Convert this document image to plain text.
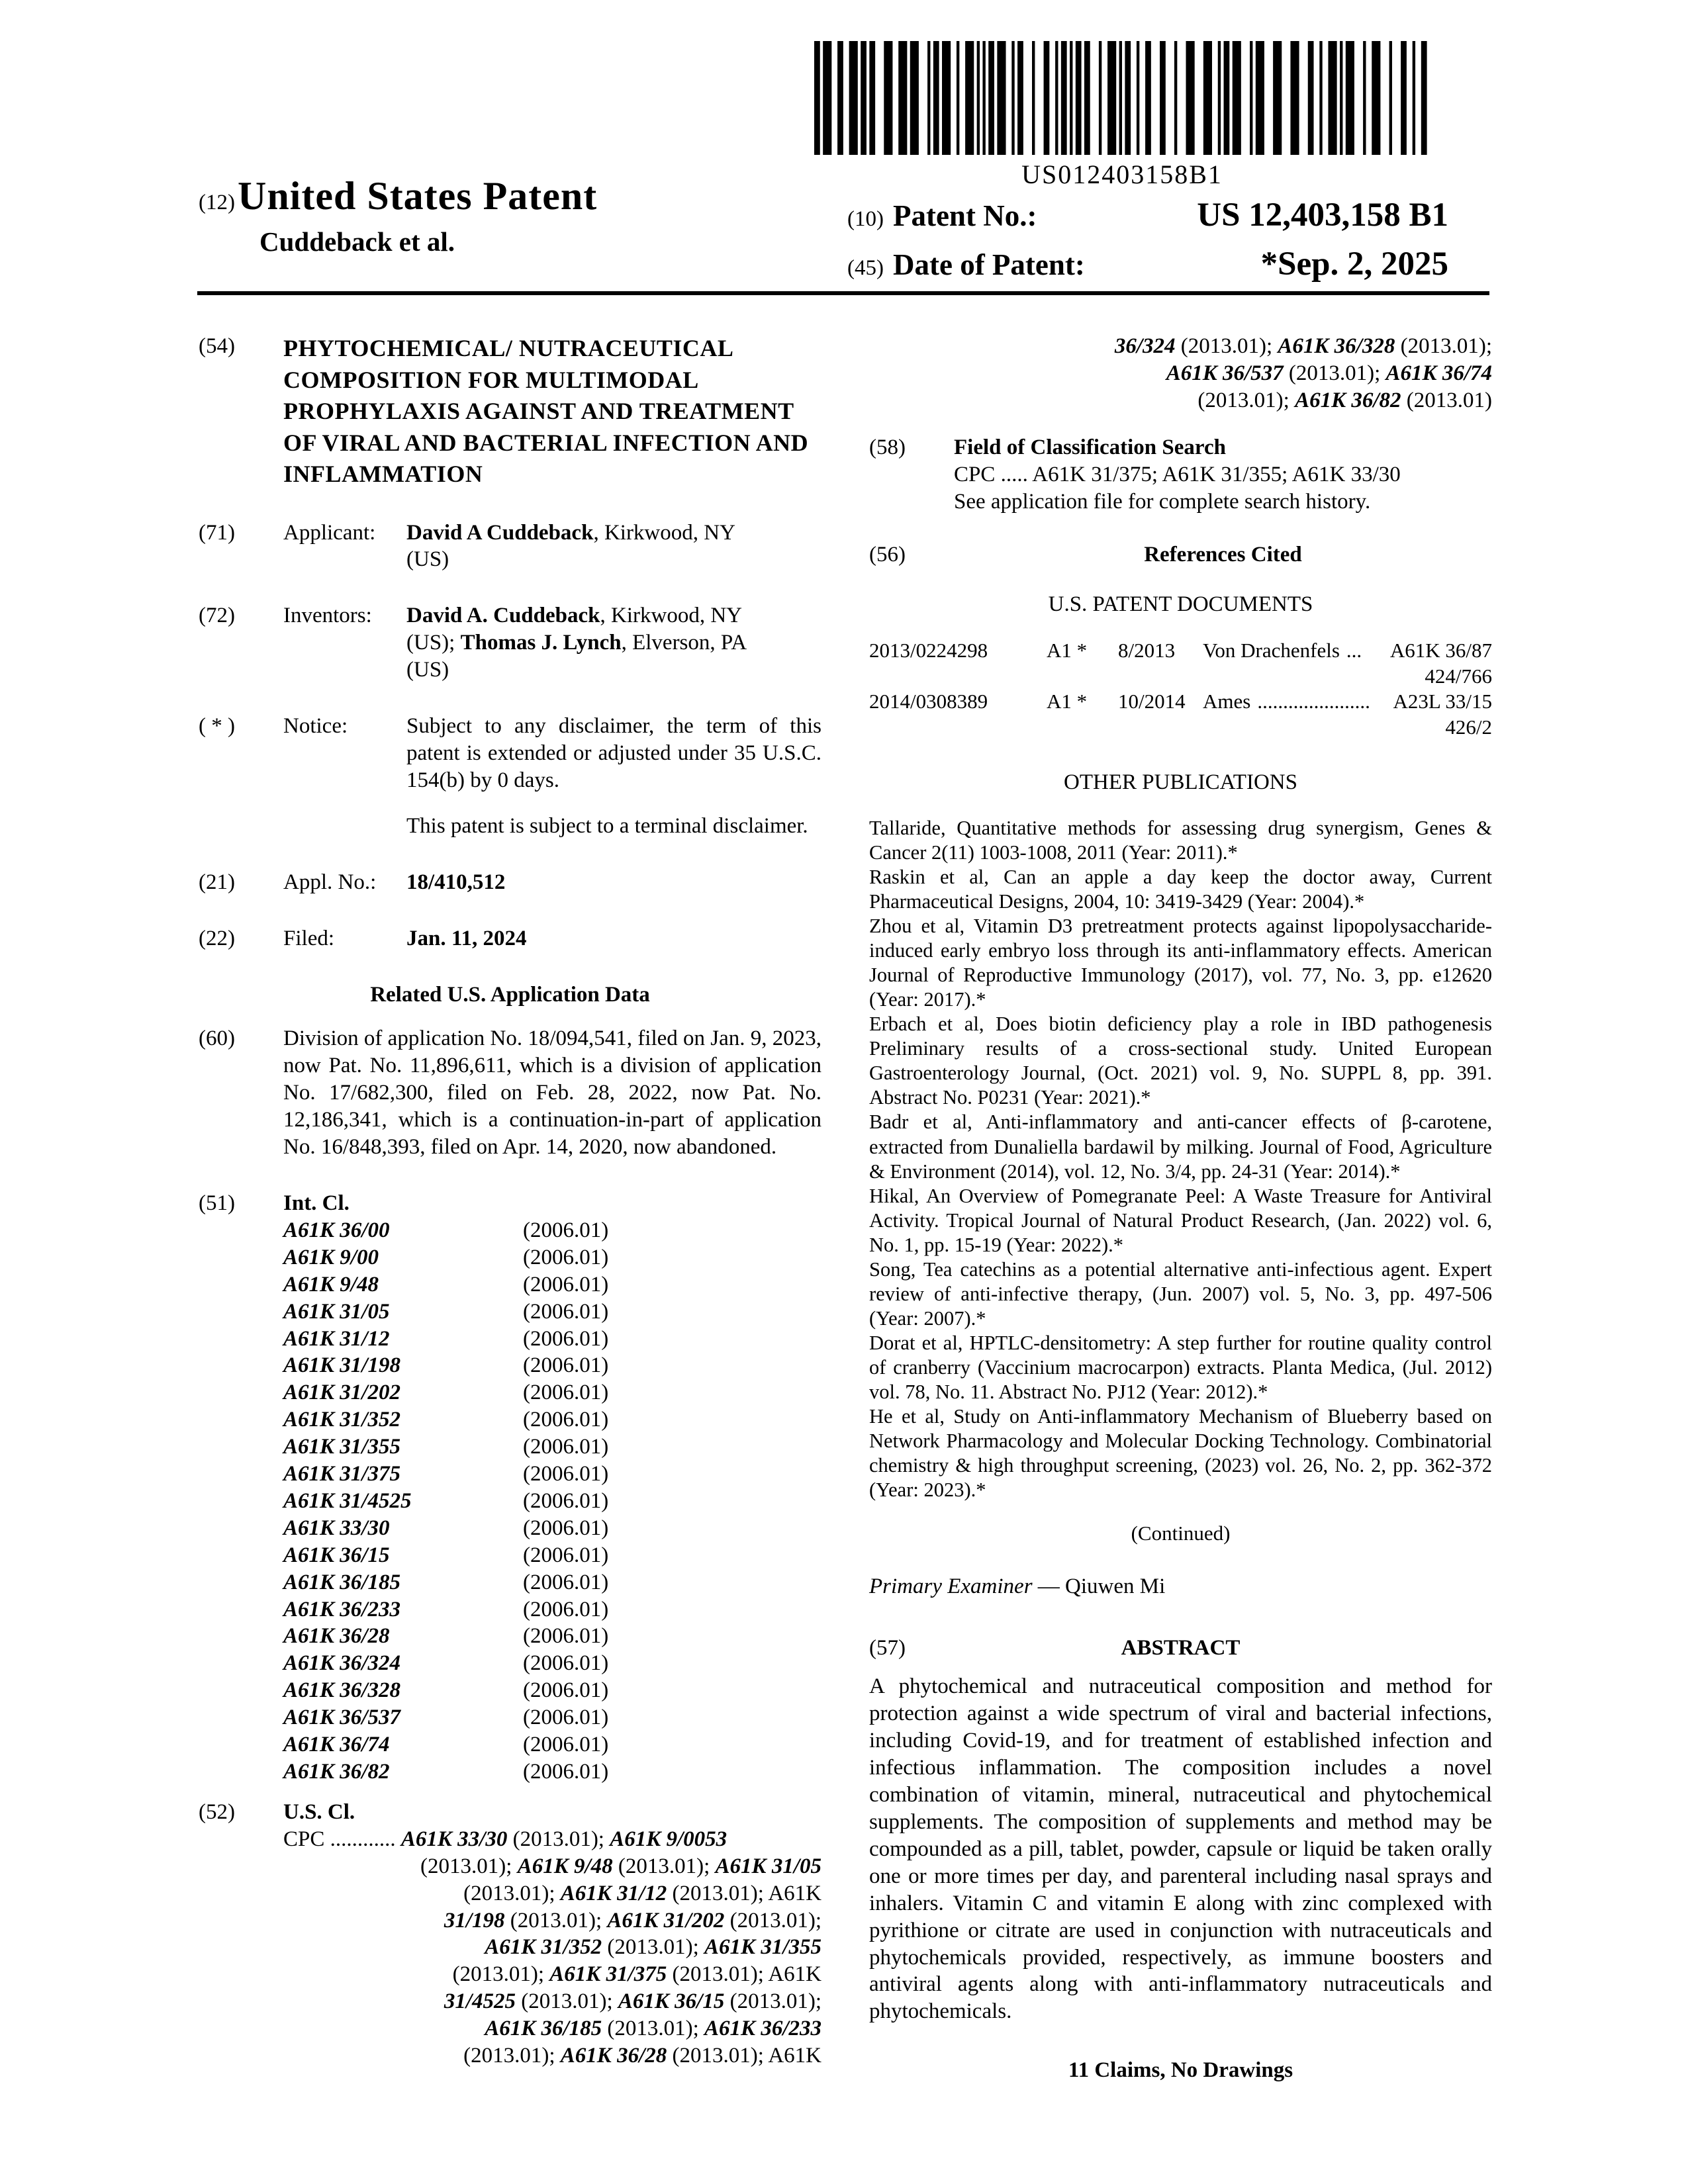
US012403158B1
(12) United States Patent
Cuddeback et al.
(10) Patent No.:	US 12,403,158 B1
(45) Date of Patent:	*Sep. 2, 2025
(54)	PHYTOCHEMICAL/ NUTRACEUTICAL COMPOSITION FOR MULTIMODAL PROPHYLAXIS AGAINST AND TREATMENT OF VIRAL AND BACTERIAL INFECTION AND INFLAMMATION
(71)	Applicant:	David A Cuddeback, Kirkwood, NY
(US)
(72)	Inventors:	David A. Cuddeback, Kirkwood, NY
(US); Thomas J. Lynch, Elverson, PA
(US)
( * )	Notice:	Subject to any disclaimer, the term of this patent is extended or adjusted under 35 U.S.C. 154(b) by 0 days.
This patent is subject to a terminal disclaimer.
(21)	Appl. No.:	18/410,512
(22)	Filed:	Jan. 11, 2024
Related U.S. Application Data
(60)	Division of application No. 18/094,541, filed on Jan. 9, 2023, now Pat. No. 11,896,611, which is a division of application No. 17/682,300, filed on Feb. 28, 2022, now Pat. No. 12,186,341, which is a continuation-in-part of application No. 16/848,393, filed on Apr. 14, 2020, now abandoned.
(51)	Int. Cl.
A61K 36/00	(2006.01)
A61K 9/00	(2006.01)
A61K 9/48	(2006.01)
A61K 31/05	(2006.01)
A61K 31/12	(2006.01)
A61K 31/198	(2006.01)
A61K 31/202	(2006.01)
A61K 31/352	(2006.01)
A61K 31/355	(2006.01)
A61K 31/375	(2006.01)
A61K 31/4525	(2006.01)
A61K 33/30	(2006.01)
A61K 36/15	(2006.01)
A61K 36/185	(2006.01)
A61K 36/233	(2006.01)
A61K 36/28	(2006.01)
A61K 36/324	(2006.01)
A61K 36/328	(2006.01)
A61K 36/537	(2006.01)
A61K 36/74	(2006.01)
A61K 36/82	(2006.01)
(52)	U.S. Cl.
CPC ............ A61K 33/30 (2013.01); A61K 9/0053
(2013.01); A61K 9/48 (2013.01); A61K 31/05
(2013.01); A61K 31/12 (2013.01); A61K
31/198 (2013.01); A61K 31/202 (2013.01);
A61K 31/352 (2013.01); A61K 31/355
(2013.01); A61K 31/375 (2013.01); A61K
31/4525 (2013.01); A61K 36/15 (2013.01);
A61K 36/185 (2013.01); A61K 36/233
(2013.01); A61K 36/28 (2013.01); A61K
36/324 (2013.01); A61K 36/328 (2013.01);
A61K 36/537 (2013.01); A61K 36/74
(2013.01); A61K 36/82 (2013.01)
(58)	Field of Classification Search
CPC ..... A61K 31/375; A61K 31/355; A61K 33/30
See application file for complete search history.
(56)	References Cited
U.S. PATENT DOCUMENTS
2013/0224298	A1 *	8/2013	Von Drachenfels ... A61K 36/87
424/766
2014/0308389	A1 *	10/2014 Ames ...................... A23L 33/15
426/2
OTHER PUBLICATIONS

Tallaride, Quantitative methods for assessing drug synergism, Genes & Cancer 2(11) 1003-1008, 2011 (Year: 2011).*

Raskin et al, Can an apple a day keep the doctor away, Current Pharmaceutical Designs, 2004, 10: 3419-3429 (Year: 2004).*

Zhou et al, Vitamin D3 pretreatment protects against lipopolysaccharide-induced early embryo loss through its anti-inflammatory effects. American Journal of Reproductive Immunology (2017), vol. 77, No. 3, pp. e12620 (Year: 2017).*

Erbach et al, Does biotin deficiency play a role in IBD pathogenesis Preliminary results of a cross-sectional study. United European Gastroenterology Journal, (Oct. 2021) vol. 9, No. SUPPL 8, pp. 391. Abstract No. P0231 (Year: 2021).*

Badr et al, Anti-inflammatory and anti-cancer effects of β-carotene, extracted from Dunaliella bardawil by milking. Journal of Food, Agriculture & Environment (2014), vol. 12, No. 3/4, pp. 24-31 (Year: 2014).*

Hikal, An Overview of Pomegranate Peel: A Waste Treasure for Antiviral Activity. Tropical Journal of Natural Product Research, (Jan. 2022) vol. 6, No. 1, pp. 15-19 (Year: 2022).*

Song, Tea catechins as a potential alternative anti-infectious agent. Expert review of anti-infective therapy, (Jun. 2007) vol. 5, No. 3, pp. 497-506 (Year: 2007).*

Dorat et al, HPTLC-densitometry: A step further for routine quality control of cranberry (Vaccinium macrocarpon) extracts. Planta Medica, (Jul. 2012) vol. 78, No. 11. Abstract No. PJ12 (Year: 2012).*

He et al, Study on Anti-inflammatory Mechanism of Blueberry based on Network Pharmacology and Molecular Docking Technology. Combinatorial chemistry & high throughput screening, (2023) vol. 26, No. 2, pp. 362-372 (Year: 2023).*

(Continued)
Primary Examiner — Qiuwen Mi
(57)	ABSTRACT
A phytochemical and nutraceutical composition and method for protection against a wide spectrum of viral and bacterial infections, including Covid-19, and for treatment of established infection and infectious inflammation. The composition includes a novel combination of vitamin, mineral, nutraceutical and phytochemical supplements. The composition of supplements and method may be compounded as a pill, tablet, powder, capsule or liquid be taken orally one or more times per day, and parenteral including nasal sprays and inhalers. Vitamin C and vitamin E along with zinc complexed with pyrithione or citrate are used in conjunction with nutraceuticals and phytochemicals provided, respectively, as immune boosters and antiviral agents along with anti-inflammatory nutraceuticals and phytochemicals.
11 Claims, No Drawings
